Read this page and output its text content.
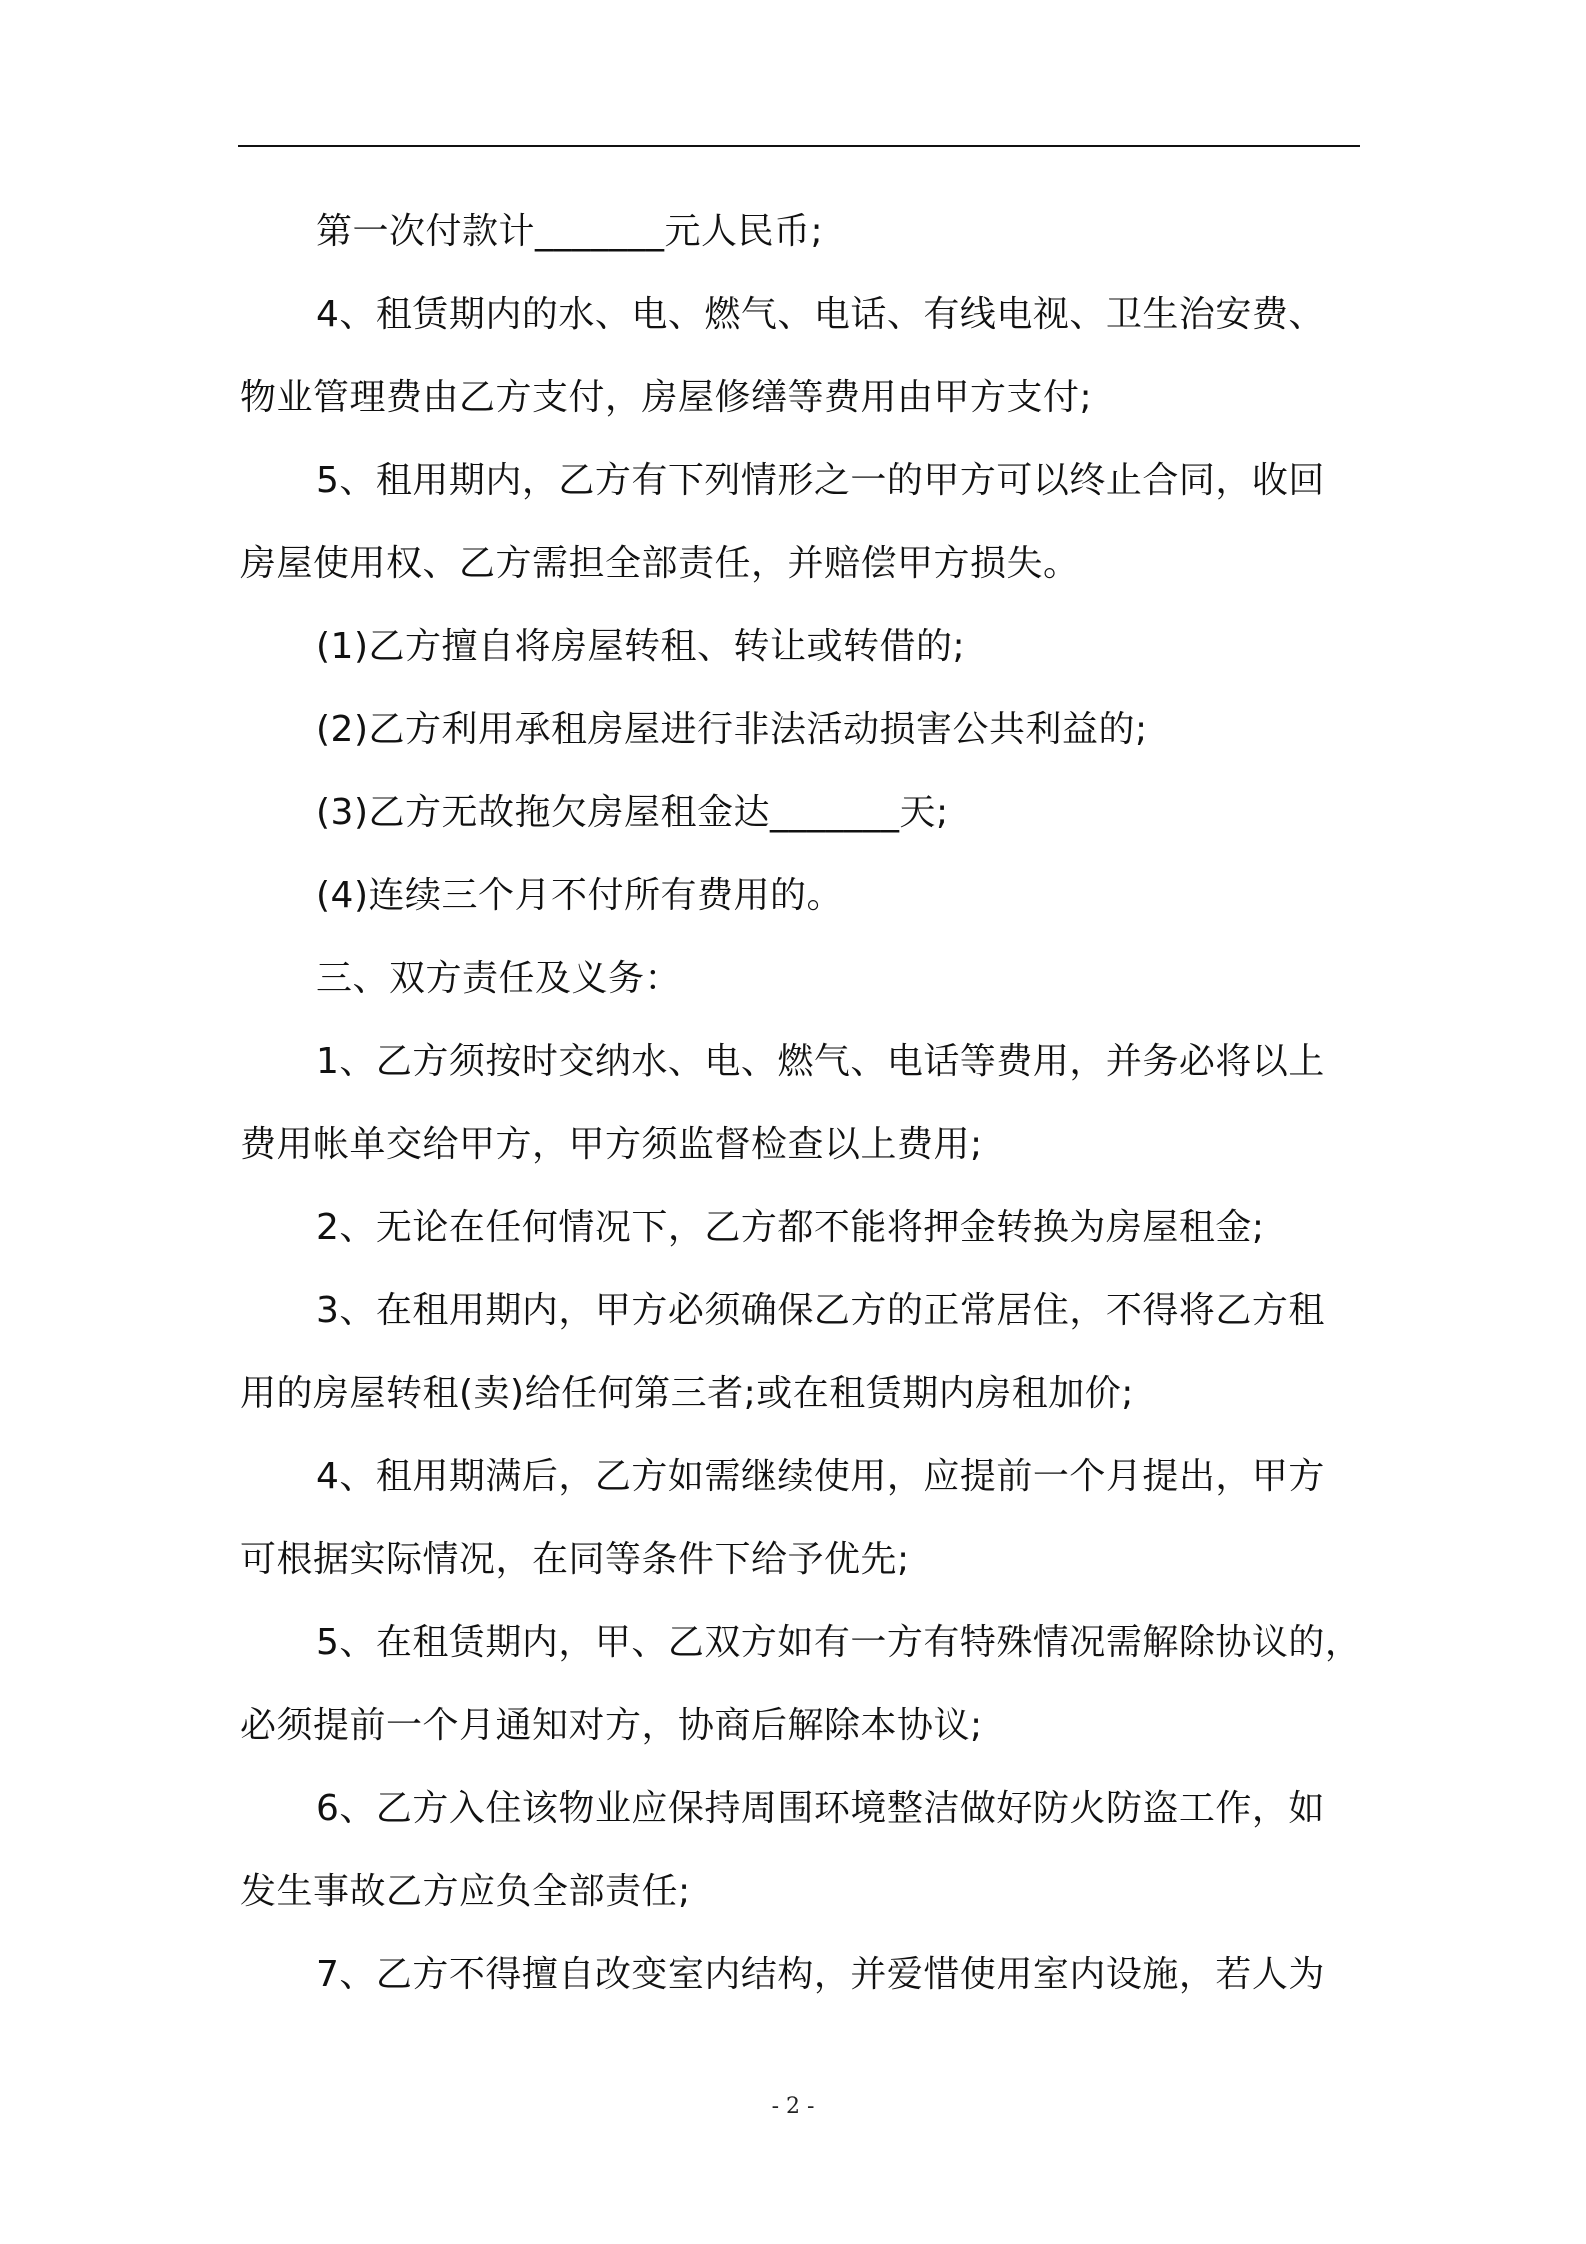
第一次付款计_______元人民币;

4、租赁期内的水、电、燃气、电话、有线电视、卫生治安费、

物业管理费由乙方支付，房屋修缮等费用由甲方支付;

5、租用期内，乙方有下列情形之一的甲方可以终止合同，收回

房屋使用权、乙方需担全部责任，并赔偿甲方损失。

(1)乙方擅自将房屋转租、转让或转借的;

(2)乙方利用承租房屋进行非法活动损害公共利益的;

(3)乙方无故拖欠房屋租金达_______天;

(4)连续三个月不付所有费用的。

三、双方责任及义务：

1、乙方须按时交纳水、电、燃气、电话等费用，并务必将以上

费用帐单交给甲方，甲方须监督检查以上费用;

2、无论在任何情况下，乙方都不能将押金转换为房屋租金;

3、在租用期内，甲方必须确保乙方的正常居住，不得将乙方租

用的房屋转租(卖)给任何第三者;或在租赁期内房租加价;

4、租用期满后，乙方如需继续使用，应提前一个月提出，甲方

可根据实际情况，在同等条件下给予优先;

5、在租赁期内，甲、乙双方如有一方有特殊情况需解除协议的，

必须提前一个月通知对方，协商后解除本协议;

6、乙方入住该物业应保持周围环境整洁做好防火防盗工作，如

发生事故乙方应负全部责任;

7、乙方不得擅自改变室内结构，并爱惜使用室内设施，若人为

- 2 -
